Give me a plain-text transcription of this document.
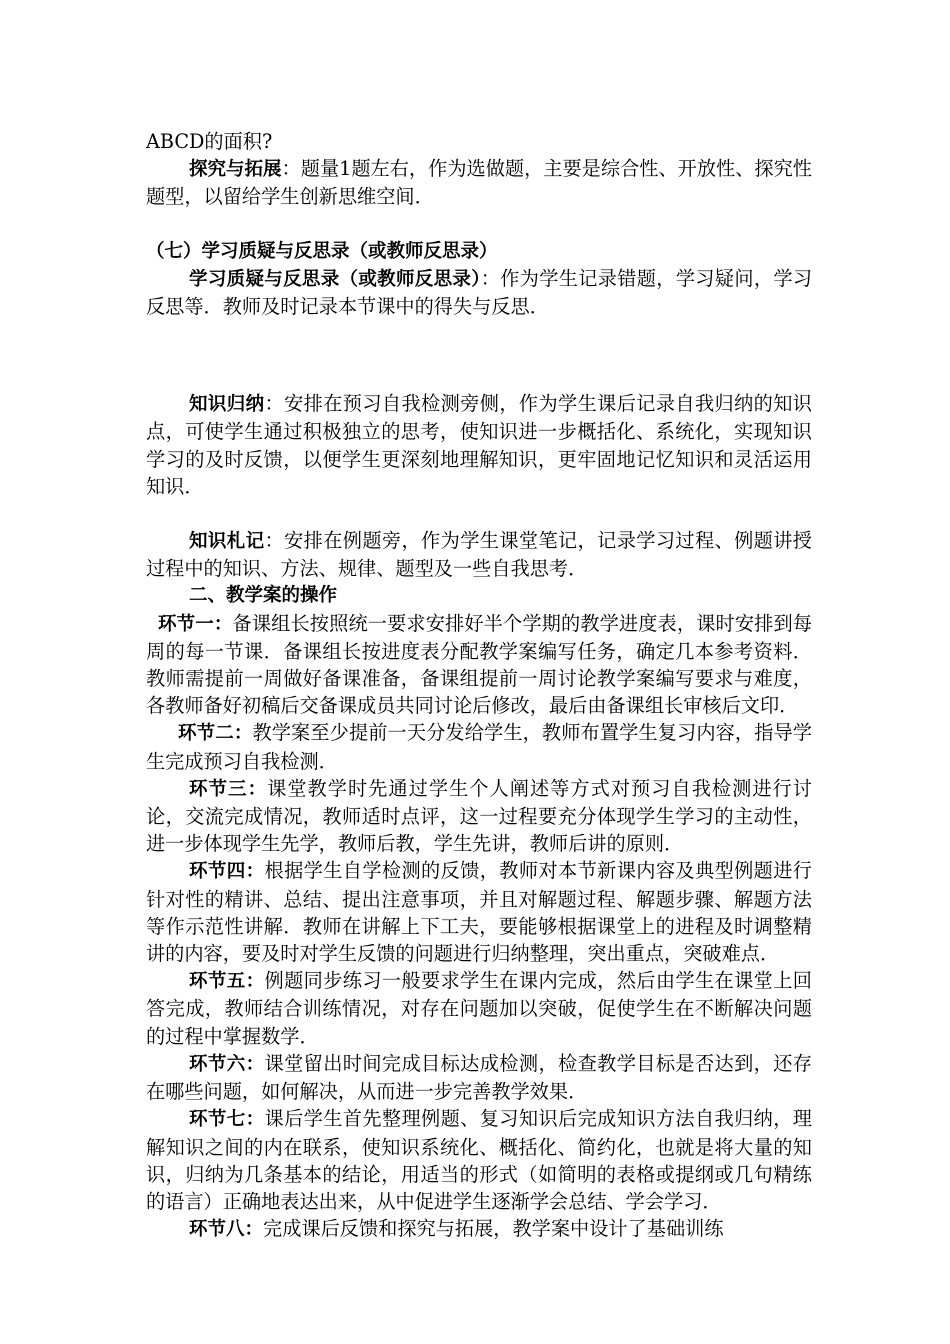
ABCD的面积?

探究与拓展：题量1题左右，作为选做题，主要是综合性、开放性、探究性题型，以留给学生创新思维空间．

（七）学习质疑与反思录（或教师反思录）

学习质疑与反思录（或教师反思录）：作为学生记录错题，学习疑问，学习反思等．教师及时记录本节课中的得失与反思．

知识归纳：安排在预习自我检测旁侧，作为学生课后记录自我归纳的知识点，可使学生通过积极独立的思考，使知识进一步概括化、系统化，实现知识学习的及时反馈，以便学生更深刻地理解知识，更牢固地记忆知识和灵活运用知识．

知识札记：安排在例题旁，作为学生课堂笔记，记录学习过程、例题讲授过程中的知识、方法、规律、题型及一些自我思考．

二、教学案的操作

环节一：备课组长按照统一要求安排好半个学期的教学进度表，课时安排到每周的每一节课．备课组长按进度表分配教学案编写任务，确定几本参考资料．教师需提前一周做好备课准备，备课组提前一周讨论教学案编写要求与难度，各教师备好初稿后交备课成员共同讨论后修改，最后由备课组长审核后文印．

环节二：教学案至少提前一天分发给学生，教师布置学生复习内容，指导学生完成预习自我检测．

环节三：课堂教学时先通过学生个人阐述等方式对预习自我检测进行讨论，交流完成情况，教师适时点评，这一过程要充分体现学生学习的主动性，进一步体现学生先学，教师后教，学生先讲，教师后讲的原则．

环节四：根据学生自学检测的反馈，教师对本节新课内容及典型例题进行针对性的精讲、总结、提出注意事项，并且对解题过程、解题步骤、解题方法等作示范性讲解．教师在讲解上下工夫，要能够根据课堂上的进程及时调整精讲的内容，要及时对学生反馈的问题进行归纳整理，突出重点，突破难点．

环节五：例题同步练习一般要求学生在课内完成，然后由学生在课堂上回答完成，教师结合训练情况，对存在问题加以突破，促使学生在不断解决问题的过程中掌握数学．

环节六：课堂留出时间完成目标达成检测，检查教学目标是否达到，还存在哪些问题，如何解决，从而进一步完善教学效果．

环节七：课后学生首先整理例题、复习知识后完成知识方法自我归纳，理解知识之间的内在联系，使知识系统化、概括化、简约化，也就是将大量的知识，归纳为几条基本的结论，用适当的形式（如简明的表格或提纲或几句精练的语言）正确地表达出来，从中促进学生逐渐学会总结、学会学习．

环节八：完成课后反馈和探究与拓展，教学案中设计了基础训练
